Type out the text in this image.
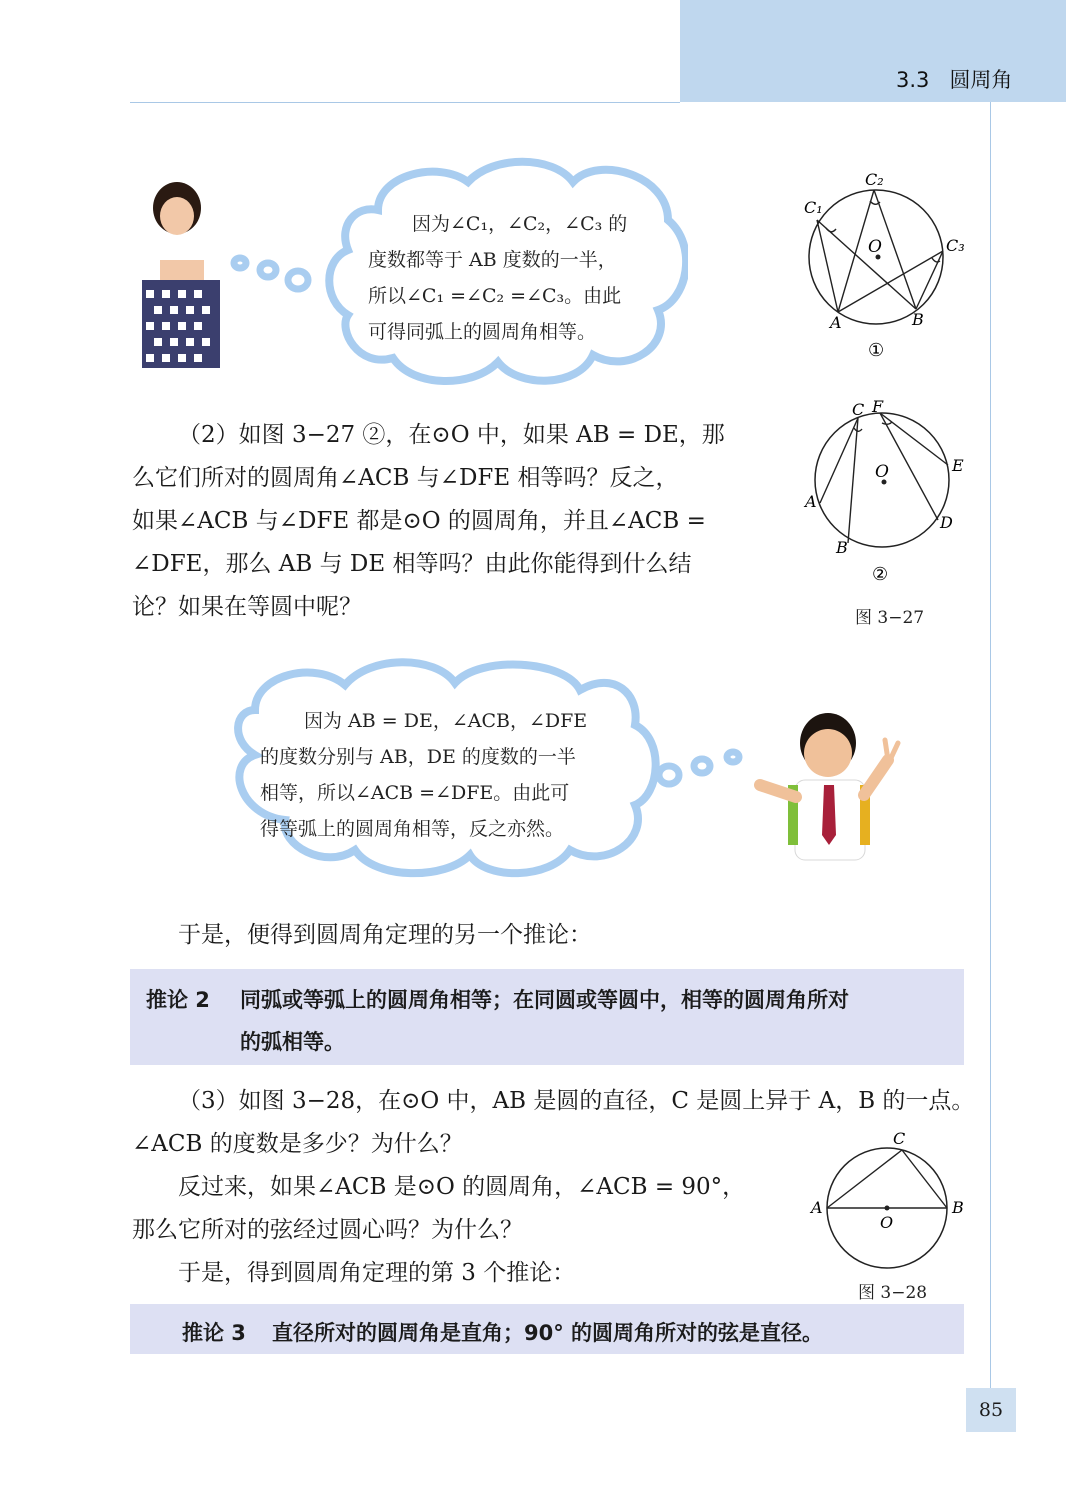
3.3 圆周角
因为∠C₁，∠C₂，∠C₃ 的
度数都等于 AB 度数的一半，
所以∠C₁ =∠C₂ =∠C₃。由此
可得同弧上的圆周角相等。
O
C₂
C₁
C₃
A	B
①
O
C F
E
A
D
B
②
图 3−27
（2）如图 3−27 ②，在⊙O 中，如果 AB = DE，那
么它们所对的圆周角∠ACB 与∠DFE 相等吗？反之，
如果∠ACB 与∠DFE 都是⊙O 的圆周角，并且∠ACB =
∠DFE，那么 AB 与 DE 相等吗？由此你能得到什么结
论？如果在等圆中呢？
因为 AB = DE，∠ACB，∠DFE
的度数分别与 AB，DE 的度数的一半
相等，所以∠ACB =∠DFE。由此可
得等弧上的圆周角相等，反之亦然。
于是，便得到圆周角定理的另一个推论：
推论 2 同弧或等弧上的圆周角相等；在同圆或等圆中，相等的圆周角所对
的弧相等。
（3）如图 3−28，在⊙O 中，AB 是圆的直径，C 是圆上异于 A，B 的一点。
∠ACB 的度数是多少？为什么？
反过来，如果∠ACB 是⊙O 的圆周角，∠ACB = 90°，
那么它所对的弦经过圆心吗？为什么？
于是，得到圆周角定理的第 3 个推论：
C
A	B
O
图 3−28
推论 3 直径所对的圆周角是直角；90° 的圆周角所对的弦是直径。
85
